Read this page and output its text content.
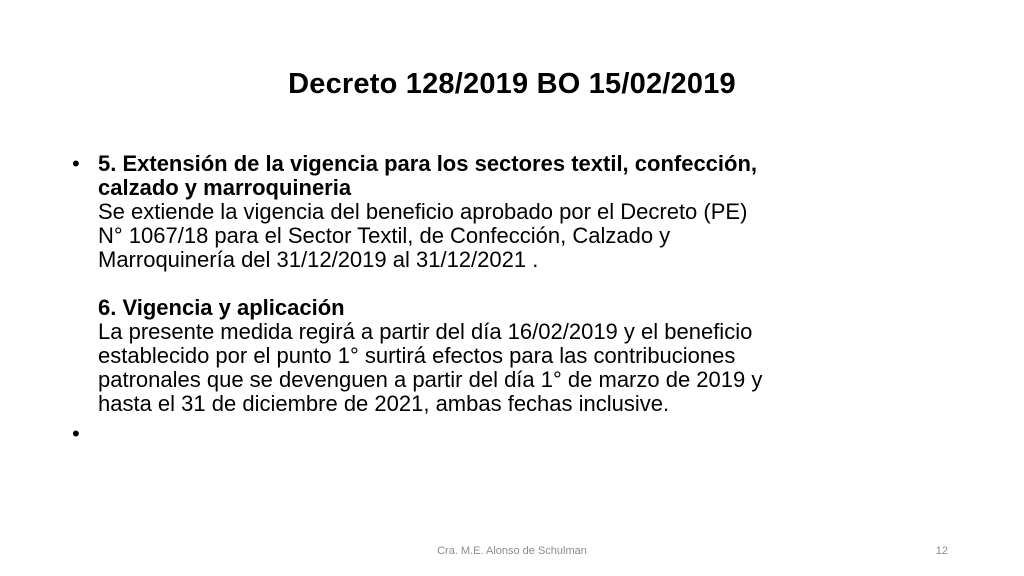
Decreto 128/2019 BO 15/02/2019
• 5. Extensión de la vigencia para los sectores textil, confección,
calzado y marroquineria
Se extiende la vigencia del beneficio aprobado por el Decreto (PE)
N° 1067/18 para el Sector Textil, de Confección, Calzado y
Marroquinería del 31/12/2019 al 31/12/2021 .
6. Vigencia y aplicación
La presente medida regirá a partir del día 16/02/2019 y el beneficio
establecido por el punto 1° surtirá efectos para las contribuciones
patronales que se devenguen a partir del día 1° de marzo de 2019 y
hasta el 31 de diciembre de 2021, ambas fechas inclusive.
•
Cra. M.E. Alonso de Schulman	12
